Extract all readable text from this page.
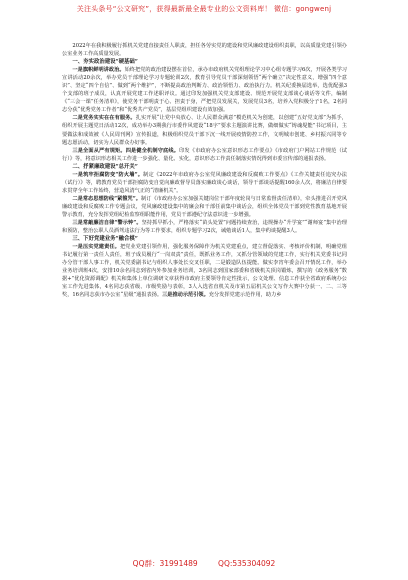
关注头条号“公文研究”，获得最新最全最专业的公文资料库！ 微信：gongwenj

2022年在我积极履行抓机关党建直接责任人职责，担任各劳实党的建设和党风廉政建设组织责职，以高质量党建引领办公室业务工作高质量发展。

一、夯实政治建设“硬基础”

一是旗帜鲜明讲政治。始终把党的政治建设摆在首位，承办市政府机关党组理论学习中心组专题学习6次，开展各类学习宣讲活动20余次，举办党员干部理论学习专题轮训2次，教育引导党员干部深刻领悟“两个确立”决定性意义，增强“四个意识”、坚定“四个自信”、做到“两个维护”，不断提高政治判断力、政治领悟力、政治执行力。机关纪委换届选举，选优配强3个支部的班子成员，认真开展党建工作述职评议。通过印发加强机关党支部建设、规范开展党支部谈心谈话等文件，编制《“三会一课”任务清单》，使党务干部明责于心、担责于身，严把党员发展关，发展党员3名，培养入党积极分子1名，2名同志分获“优秀党务工作者”和“优秀共产党员”，基层党组织建设有效加强。

二是党务实实在在有服务。扎实开展“让党中央放心、让人民群众满意”模范机关为创建，以创建“五好党支部”为抓手，组织开展主题党日活动12次，成功举办3期我行市委作风建设“18字”要求主题演讲比赛，做细做实“铸魂堤能”书记项目，主要做法和成效被《人民周刊网》宣传报道，积极组织党员干部下沉一线开展疫情防控工作，文明城市创建、乡村振兴同等专题志愿活动，切实为人民群众办好事。

三是全面从严有规矩。四是健全机制守底线。印发《市政府办公室意识形态工作要点》《市政府门户网站工作规范（试行）》等，将意识形态相关工作进一步强化、量化、实化，意识形态工作责任制落实情况得到市委宣传部的通报表扬。

二、抒紧廉政建设“总开关”

一是筑牢拒腐防变“防火墙”。制定《2022年市政府办公室党风廉政建设和反腐败工作要点》《工作关键责任追究办法（试行）》等，聘教育党员干部拒腐防变自觉向廉政督导员落实廉政谈心谈话，领导干部谈话提醒160余人次，将廉洁自律要求贯穿全年工作始终，营造风清气正的“清廉机关”。

二是常态思想防线“紧箍咒”。制订《市政府办公室加强关键岗位干部年度轮岗与日常监督责任清单》，牵头推进召开党风廉政建设和反腐败工作专题会议，党风廉政建设集中的廉会和干部任前集中谈话会，组织全体党员干部到党性教育基地开展警示教育，充分发挥党组纪检监察组职能作用，党员干部遵纪守法意识进一步增强。

三是常敲廉洁自律“警示钟”。坚持抓早抓小，严格落实“苗头处置”问题持续查治，违规操办“升学宴”“谢师宴”集中治理和预防，整治公职人员酒驾违法行为等工作要求，组织专题学习2次，诫勉谈话1人，集中约谈提醒3人。

三、下好党建业务“融合棋”

一是压实党建责任。把党业党建引领作用，强化服务保障作为机关党建重点，建立督促落实、考核评价机制，明确党组书记履行第一责任人责任，班子成员履行“一岗双责”责任，既抓业务工作，又抓分管领域的党建工作，实行机关党委书记同办分管干部人事工作，机关党委副书记与组织人事处长交叉任职，二是锻造队伍提能。做实李宵年委会召开情况工作，举办业务培训班4次，安排10余名同志到省内外参加业务培训，3名同志到国家部委和省级机关顶岗锻炼，撰写的《政务服务“数据+”优化资源调配》机关和集体上单位调研文章获得市政府主要领导肯定性批示，公文处理、信息工作获全省政府系统办公室工作先进集体，4名同志获省级、市级奖励与表彰，3人入选省直机关及市第五届机关公文写作大赛中分获一、二、三等奖，16名同志获市办公室“星级”通报表扬。三是推动示范引领。充分发挥党建示范作用，助力乡

QQ群：31991489	QQ:535304092
